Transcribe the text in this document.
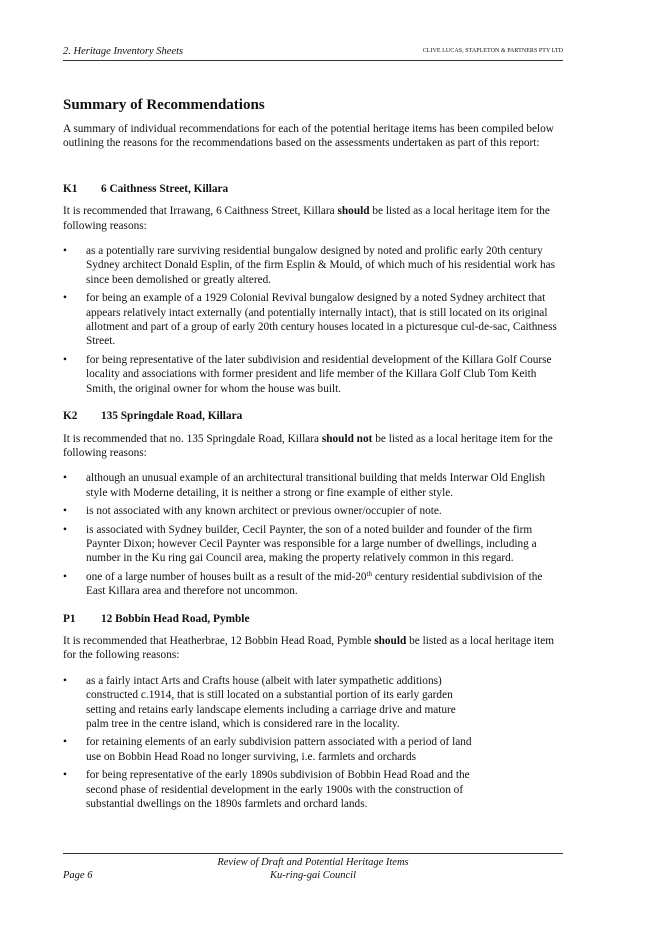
2. Heritage Inventory Sheets	CLIVE LUCAS, STAPLETON & PARTNERS PTY LTD
Summary of Recommendations

A summary of individual recommendations for each of the potential heritage items has been compiled below outlining the reasons for the recommendations based on the assessments undertaken as part of this report:

K1 6 Caithness Street, Killara

It is recommended that Irrawang, 6 Caithness Street, Killara should be listed as a local heritage item for the following reasons:

• as a potentially rare surviving residential bungalow designed by noted and prolific early 20th century Sydney architect Donald Esplin, of the firm Esplin & Mould, of which much of his residential work has since been demolished or greatly altered.
• for being an example of a 1929 Colonial Revival bungalow designed by a noted Sydney architect that appears relatively intact externally (and potentially internally intact), that is still located on its original allotment and part of a group of early 20th century houses located in a picturesque cul-de-sac, Caithness Street.
• for being representative of the later subdivision and residential development of the Killara Golf Course locality and associations with former president and life member of the Killara Golf Club Tom Keith Smith, the original owner for whom the house was built.

K2 135 Springdale Road, Killara

It is recommended that no. 135 Springdale Road, Killara should not be listed as a local heritage item for the following reasons:

• although an unusual example of an architectural transitional building that melds Interwar Old English style with Moderne detailing, it is neither a strong or fine example of either style.
• is not associated with any known architect or previous owner/occupier of note.
• is associated with Sydney builder, Cecil Paynter, the son of a noted builder and founder of the firm Paynter Dixon; however Cecil Paynter was responsible for a large number of dwellings, including a number in the Ku ring gai Council area, making the property relatively common in this regard.
• one of a large number of houses built as a result of the mid-20th century residential subdivision of the East Killara area and therefore not uncommon.

P1 12 Bobbin Head Road, Pymble

It is recommended that Heatherbrae, 12 Bobbin Head Road, Pymble should be listed as a local heritage item for the following reasons:

• as a fairly intact Arts and Crafts house (albeit with later sympathetic additions) constructed c.1914, that is still located on a substantial portion of its early garden setting and retains early landscape elements including a carriage drive and mature palm tree in the centre island, which is considered rare in the locality.
• for retaining elements of an early subdivision pattern associated with a period of land use on Bobbin Head Road no longer surviving, i.e. farmlets and orchards
• for being representative of the early 1890s subdivision of Bobbin Head Road and the second phase of residential development in the early 1900s with the construction of substantial dwellings on the 1890s farmlets and orchard lands.
Review of Draft and Potential Heritage Items
Ku-ring-gai Council
Page 6
